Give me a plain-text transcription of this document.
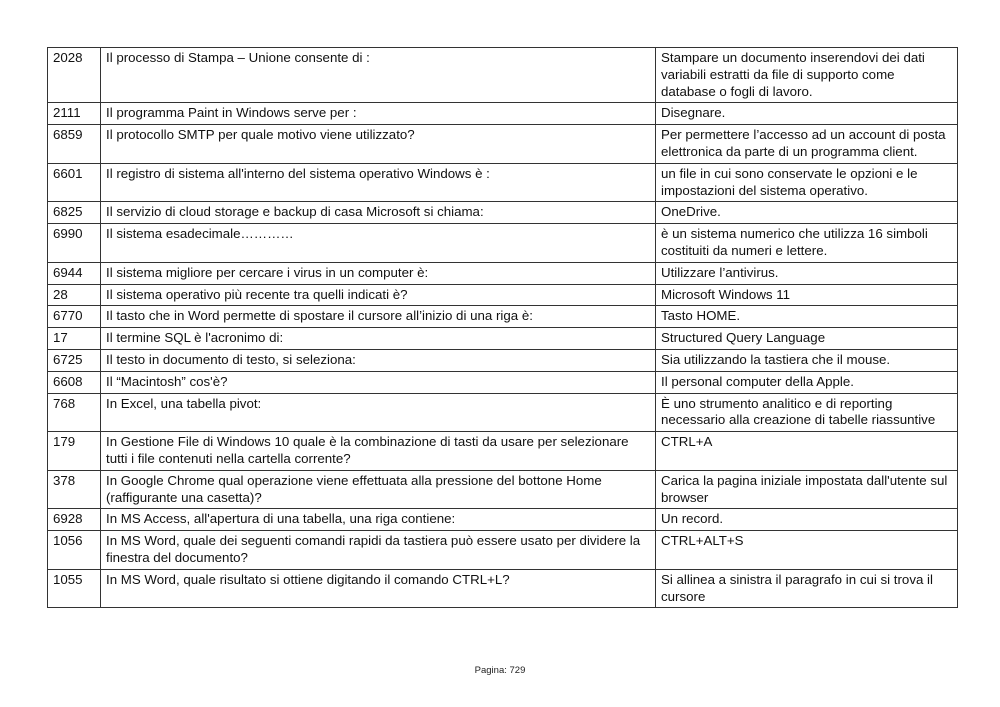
2028	Il processo di Stampa – Unione consente di :	Stampare un documento inserendovi dei dati variabili estratti da file di supporto come database o fogli di lavoro.
2111	Il programma Paint in Windows serve per :	Disegnare.
6859	Il protocollo SMTP per quale motivo viene utilizzato?	Per permettere l’accesso ad un account di posta elettronica da parte di un programma client.
6601	Il registro di sistema all'interno del sistema operativo Windows è :	un file in cui sono conservate le opzioni e le impostazioni del sistema operativo.
6825	Il servizio di cloud storage e backup di casa Microsoft si chiama:	OneDrive.
6990	Il sistema esadecimale…………	è un sistema numerico che utilizza 16 simboli costituiti da numeri e lettere.
6944	Il sistema migliore per cercare i virus in un computer è:	Utilizzare l’antivirus.
28	Il sistema operativo più recente tra quelli indicati è?	Microsoft Windows 11
6770	Il tasto che in Word permette di spostare il cursore all’inizio di una riga è:	Tasto HOME.
17	Il termine SQL è l'acronimo di:	Structured Query Language
6725	Il testo in documento di testo, si seleziona:	Sia utilizzando la tastiera che il mouse.
6608	Il “Macintosh” cos'è?	Il personal computer della Apple.
768	In Excel, una tabella pivot:	È uno strumento analitico e di reporting necessario alla creazione di tabelle riassuntive
179	In Gestione File di Windows 10 quale è la combinazione di tasti da usare per selezionare tutti i file contenuti nella cartella corrente?	CTRL+A
378	In Google Chrome qual operazione viene effettuata alla pressione del bottone Home (raffigurante una casetta)?	Carica la pagina iniziale impostata dall'utente sul browser
6928	In MS Access, all'apertura di una tabella, una riga contiene:	Un record.
1056	In MS Word, quale dei seguenti comandi rapidi da tastiera può essere usato per dividere la finestra del documento?	CTRL+ALT+S
1055	In MS Word, quale risultato si ottiene digitando il comando CTRL+L?	Si allinea a sinistra il paragrafo in cui si trova il cursore
Pagina: 729
